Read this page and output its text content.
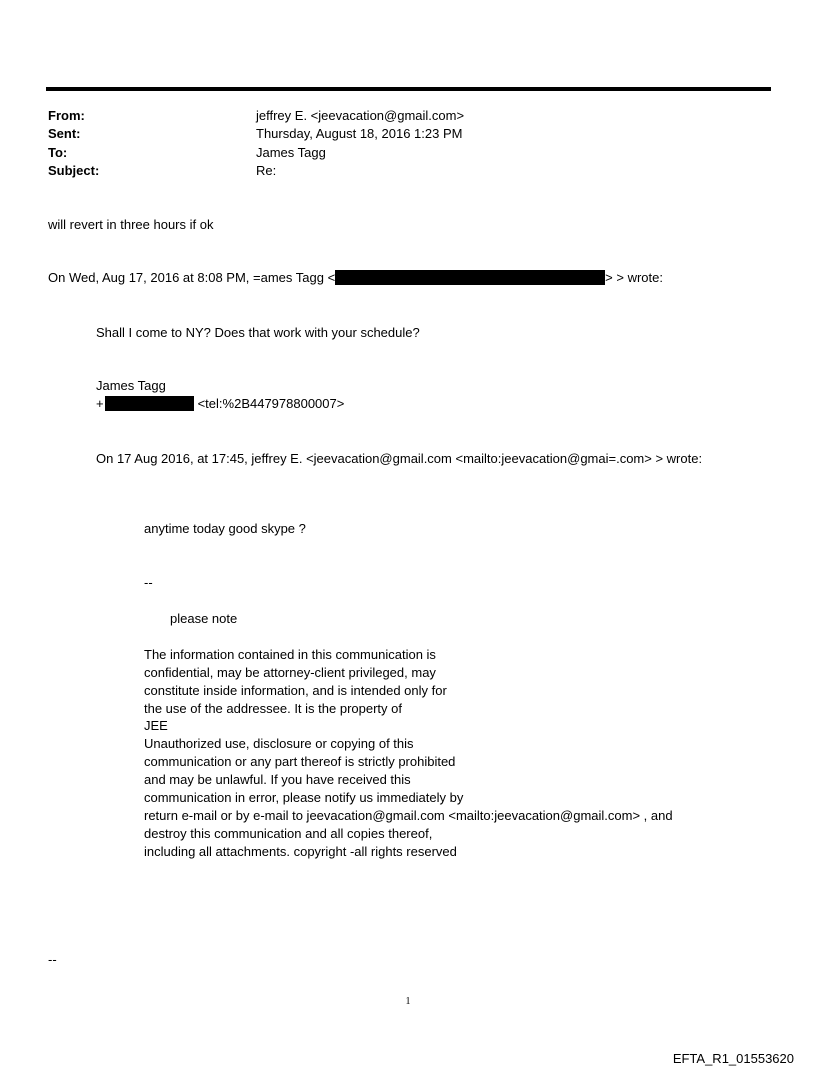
From:	jeffrey E. <jeevacation@gmail.com>
Sent:	Thursday, August 18, 2016 1:23 PM
To:	James Tagg
Subject:	Re:
will revert in three hours if ok
On Wed, Aug 17, 2016 at 8:08 PM, =ames Tagg <	> > wrote:
Shall I come to NY? Does that work with your schedule?
James Tagg
+	<tel:%2B447978800007>
On 17 Aug 2016, at 17:45, jeffrey E. <jeevacation@gmail.com <mailto:jeevacation@gmai=.com> > wrote:
anytime today good skype ?
--
please note
The information contained in this communication is
confidential, may be attorney-client privileged, may
constitute inside information, and is intended only for
the use of the addressee. It is the property of
JEE
Unauthorized use, disclosure or copying of this
communication or any part thereof is strictly prohibited
and may be unlawful. If you have received this
communication in error, please notify us immediately by
return e-mail or by e-mail to jeevacation@gmail.com <mailto:jeevacation@gmail.com> , and
destroy this communication and all copies thereof,
including all attachments. copyright -all rights reserved
--
1
EFTA_R1_01553620
